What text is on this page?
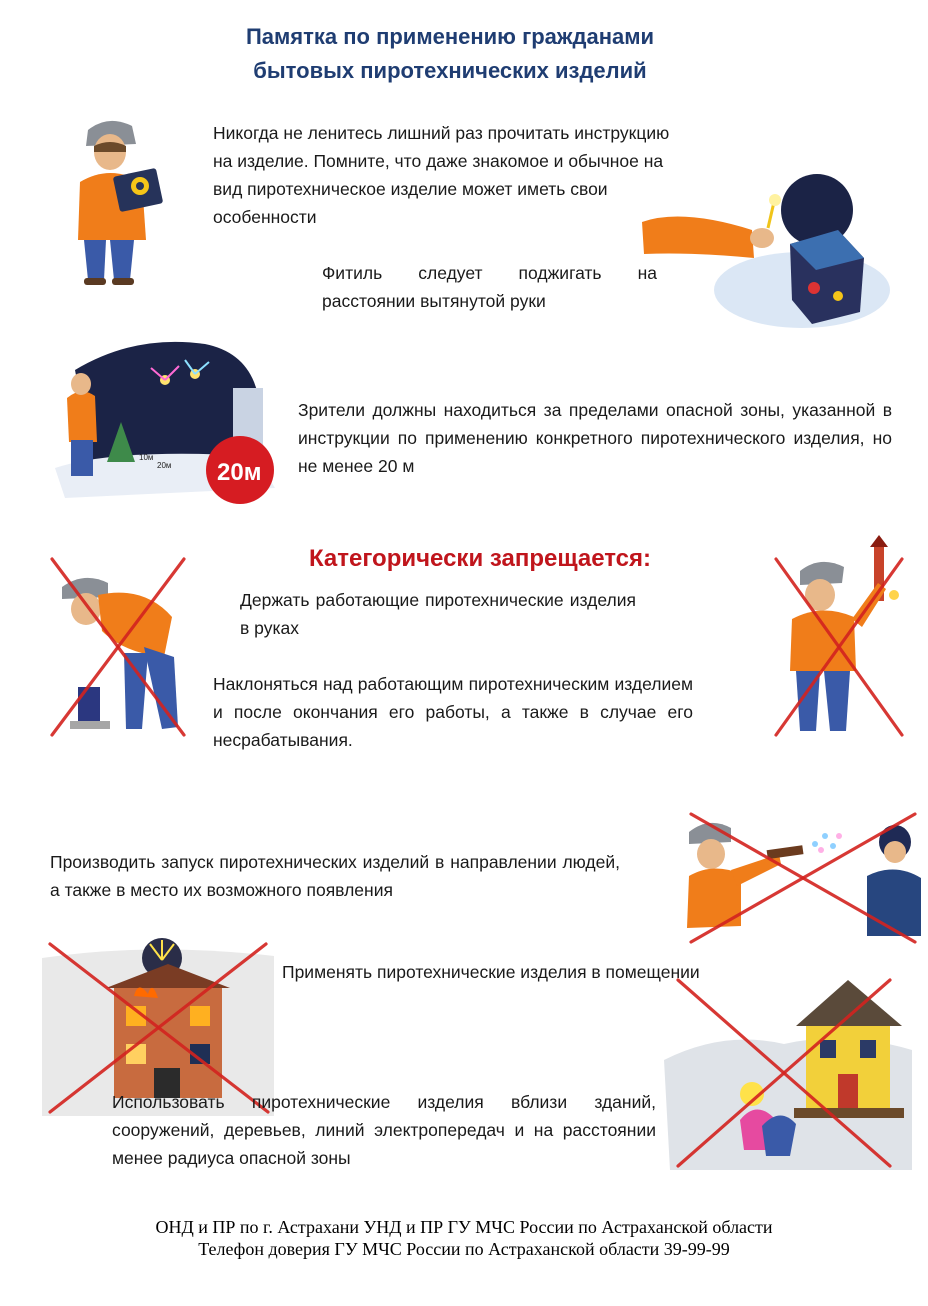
Памятка по применению гражданами
бытовых пиротехнических изделий
Никогда не ленитесь лишний раз прочитать инструкцию на изделие. Помните, что даже знакомое и обычное на вид пиротехническое изделие может иметь свои особенности
Фитиль следует поджигать на расстоянии вытянутой руки
20м
10м
20м
Зрители должны находиться за пределами опасной зоны, указанной в инструкции по применению конкретного пиротехнического изделия, но не менее 20 м
Категорически запрещается:
Держать работающие пиротехнические изделия в руках
Наклоняться над работающим пиротехническим изделием и после окончания его работы, а также в случае его несрабатывания.
Производить запуск пиротехнических изделий в направлении людей, а также в место их возможного появления
Применять пиротехнические изделия в помещении
Использовать пиротехнические изделия вблизи зданий, сооружений, деревьев, линий электропередач и на расстоянии менее радиуса опасной зоны
ОНД и ПР по г. Астрахани УНД и ПР ГУ МЧС России по Астраханской области
Телефон доверия ГУ МЧС России по Астраханской области 39-99-99
